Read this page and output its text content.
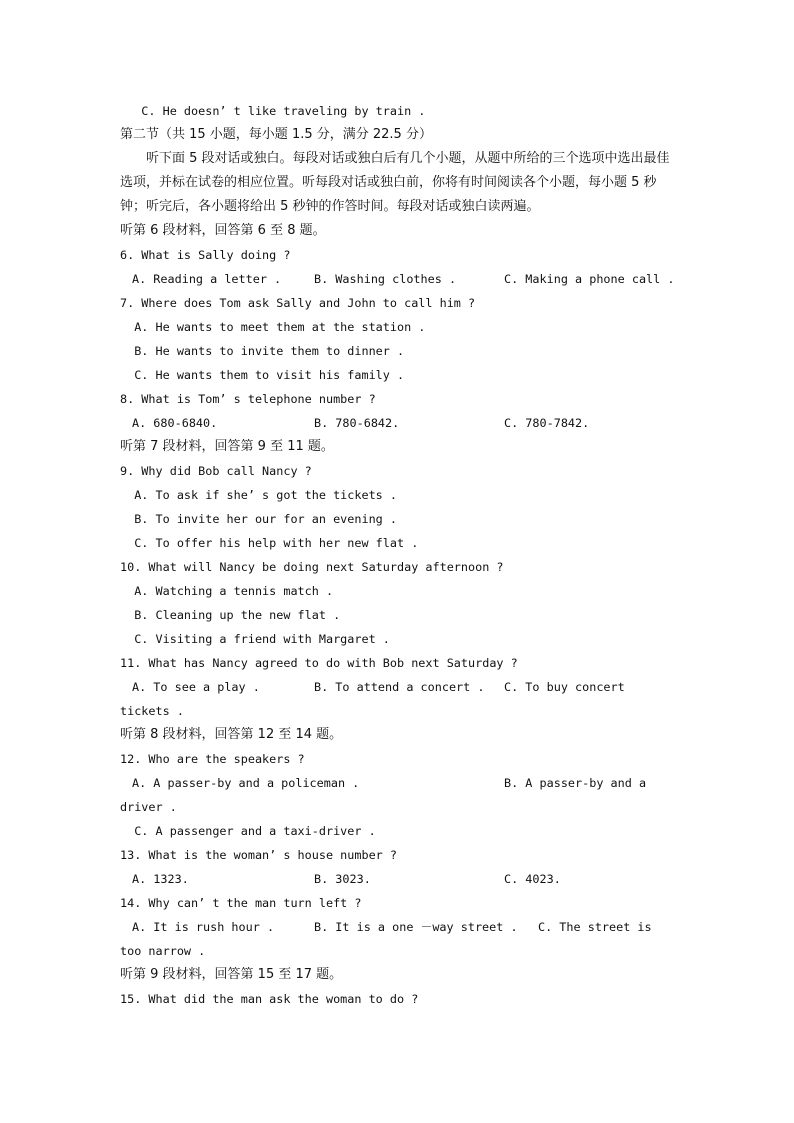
C. He doesn’ t like traveling by train .
第二节（共 15 小题，每小题 1.5 分，满分 22.5 分）
听下面 5 段对话或独白。每段对话或独白后有几个小题，从题中所给的三个选项中选出最佳选项，并标在试卷的相应位置。听每段对话或独白前，你将有时间阅读各个小题，每小题 5 秒钟；听完后，各小题将给出 5 秒钟的作答时间。每段对话或独白读两遍。
听第 6 段材料，回答第 6 至 8 题。
6. What is Sally doing ?
A. Reading a letter .	B. Washing clothes .	C. Making a phone call .
7. Where does Tom ask Sally and John to call him ?
A. He wants to meet them at the station .
B. He wants to invite them to dinner .
C. He wants them to visit his family .
8. What is Tom’ s telephone number ?
A. 680-6840.	B. 780-6842.	C. 780-7842.
听第 7 段材料，回答第 9 至 11 题。
9. Why did Bob call Nancy ?
A. To ask if she’ s got the tickets .
B. To invite her our for an evening .
C. To offer his help with her new flat .
10. What will Nancy be doing next Saturday afternoon ?
A. Watching a tennis match .
B. Cleaning up the new flat .
C. Visiting a friend with Margaret .
11. What has Nancy agreed to do with Bob next Saturday ?
A. To see a play .	B. To attend a concert . C. To buy concert
tickets .
听第 8 段材料，回答第 12 至 14 题。
12. Who are the speakers ?
A. A passer-by and a policeman .	B. A passer-by and a
driver .
C. A passenger and a taxi-driver .
13. What is the woman’ s house number ?
A. 1323.	B. 3023.	C. 4023.
14. Why can’ t the man turn left ?
A. It is rush hour .	B. It is a one －way street . C. The street is
too narrow .
听第 9 段材料，回答第 15 至 17 题。
15. What did the man ask the woman to do ?
